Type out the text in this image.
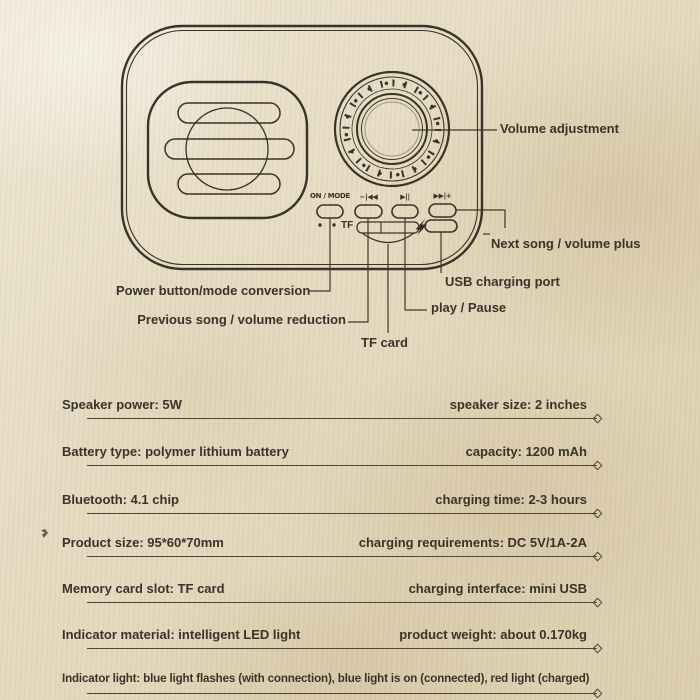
ON / MODE	−|◀◀	▶||	▶▶|+
TF
Volume adjustment
Next song / volume plus
USB charging port
play / Pause
TF card
Previous song / volume reduction
Power button/mode conversion
Speaker power: 5W	speaker size: 2 inches
Battery type: polymer lithium battery	capacity: 1200 mAh
Bluetooth: 4.1 chip	charging time: 2-3 hours
Product size: 95*60*70mm	charging requirements: DC 5V/1A-2A
Memory card slot: TF card	charging interface: mini USB
Indicator material: intelligent LED light	product weight: about 0.170kg
Indicator light: blue light flashes (with connection), blue light is on (connected), red light (charged)
